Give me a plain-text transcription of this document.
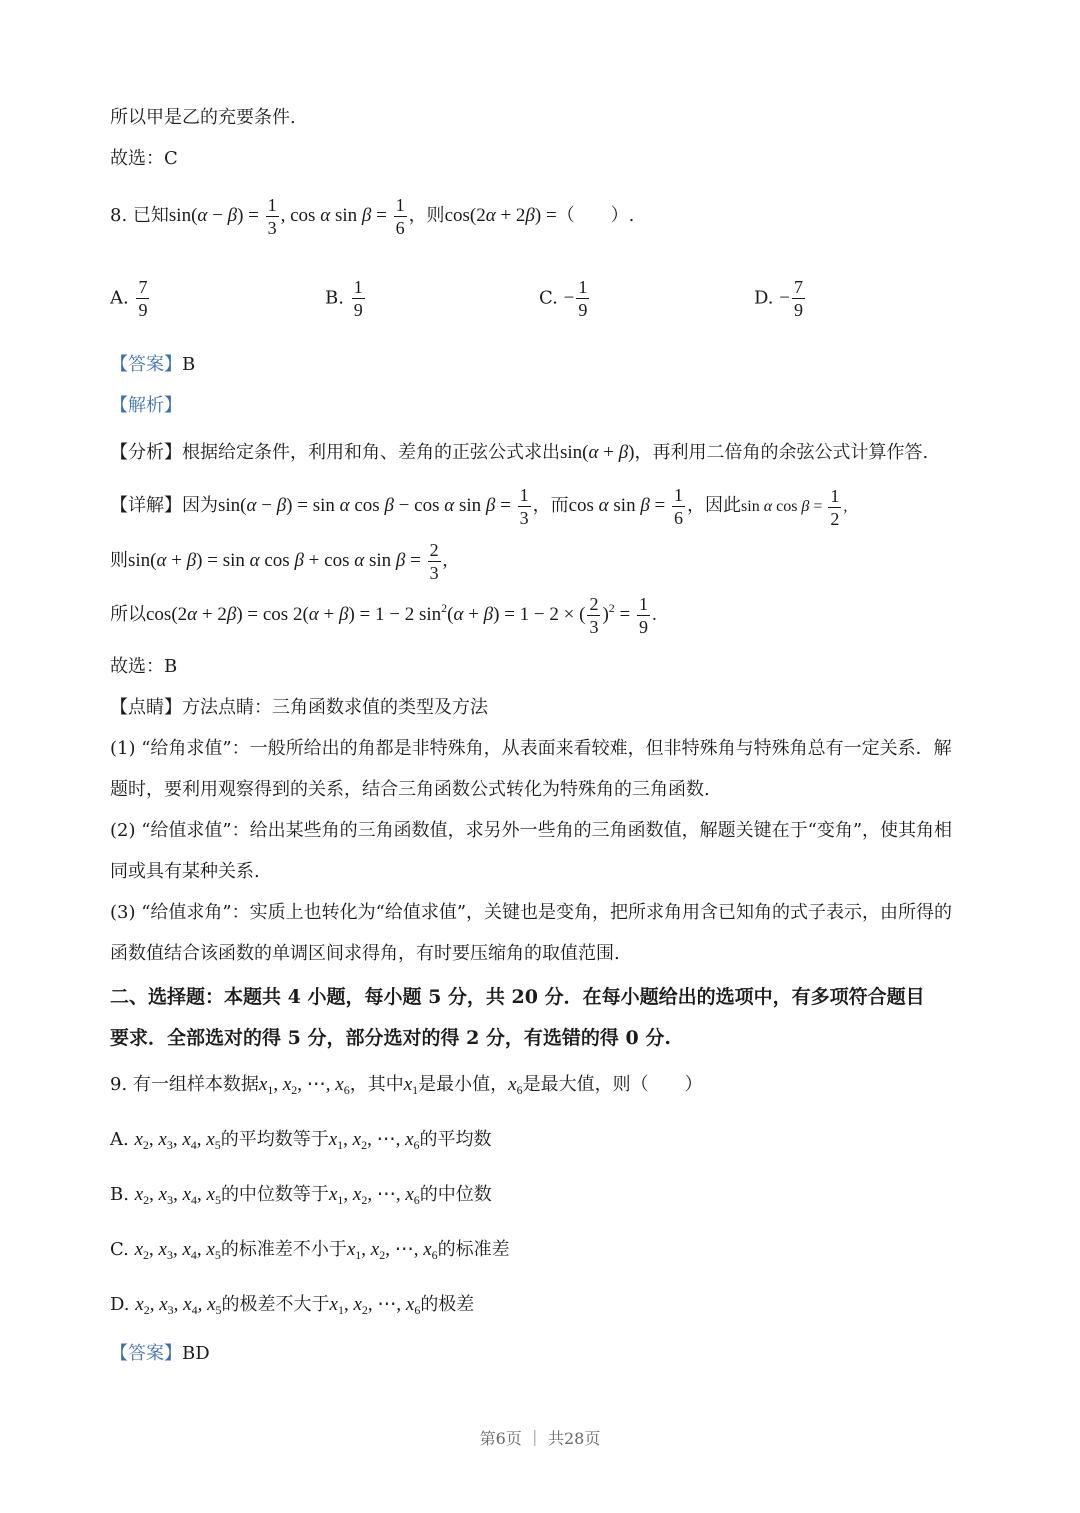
所以甲是乙的充要条件.
故选：C
8. 已知$\sin(\alpha - \beta) = \frac{1}{3}$ , cos α $\sin \beta = \frac{1}{6}$ ，则cos(2α + 2β) =（　　）.
A. $\frac{7}{9}$	B. $\frac{1}{9}$	C. − $\frac{1}{9}$	D. − $\frac{7}{9}$
【答案】B
【解析】
【分析】根据给定条件，利用和角、差角的正弦公式求出sin(α + β)，再利用二倍角的余弦公式计算作答.
【详解】因为sin(α − β) = sin α cos β − cos α $\sin \beta = \frac{1}{3}$ ，而cos α $\sin \beta = \frac{1}{6}$ ，因此sin α $\cos \beta = \frac{1}{2}$ ,
则sin(α + β) = sin α cos β + cos α $\sin \beta = \frac{2}{3}$ ,
所以cos(2α + 2β) = cos 2(α + β) = 1 − 2 $\sin^2(\alpha + \beta) = 1 - 2$ × ( $\frac{2}{3} )^2 = \frac{1}{9}$ .
故选：B
【点睛】方法点睛：三角函数求值的类型及方法
(1) “给角求值”：一般所给出的角都是非特殊角，从表面来看较难，但非特殊角与特殊角总有一定关系．解
题时，要利用观察得到的关系，结合三角函数公式转化为特殊角的三角函数.
(2) “给值求值”：给出某些角的三角函数值，求另外一些角的三角函数值，解题关键在于“变角”，使其角相
同或具有某种关系.
(3) “给值求角”：实质上也转化为“给值求值”，关键也是变角，把所求角用含已知角的式子表示，由所得的
函数值结合该函数的单调区间求得角，有时要压缩角的取值范围.
二、选择题：本题共 4 小题，每小题 5 分，共 20 分．在每小题给出的选项中，有多项符合题目
要求．全部选对的得 5 分，部分选对的得 2 分，有选错的得 0 分.
9. 有一组样本数据$x_1$, $x_2$, ⋯, $x_6$，其中$x_1$是最小值，$x_6$是最大值，则（　　）
A. $x_2$, $x_3$, $x_4$, $x_5$的平均数等于$x_1$, $x_2$, ⋯, $x_6$的平均数
B. $x_2$, $x_3$, $x_4$, $x_5$的中位数等于$x_1$, $x_2$, ⋯, $x_6$的中位数
C. $x_2$, $x_3$, $x_4$, $x_5$的标准差不小于$x_1$, $x_2$, ⋯, $x_6$的标准差
D. $x_2$, $x_3$, $x_4$, $x_5$的极差不大于$x_1$, $x_2$, ⋯, $x_6$的极差
【答案】BD
第6页 ｜ 共28页
